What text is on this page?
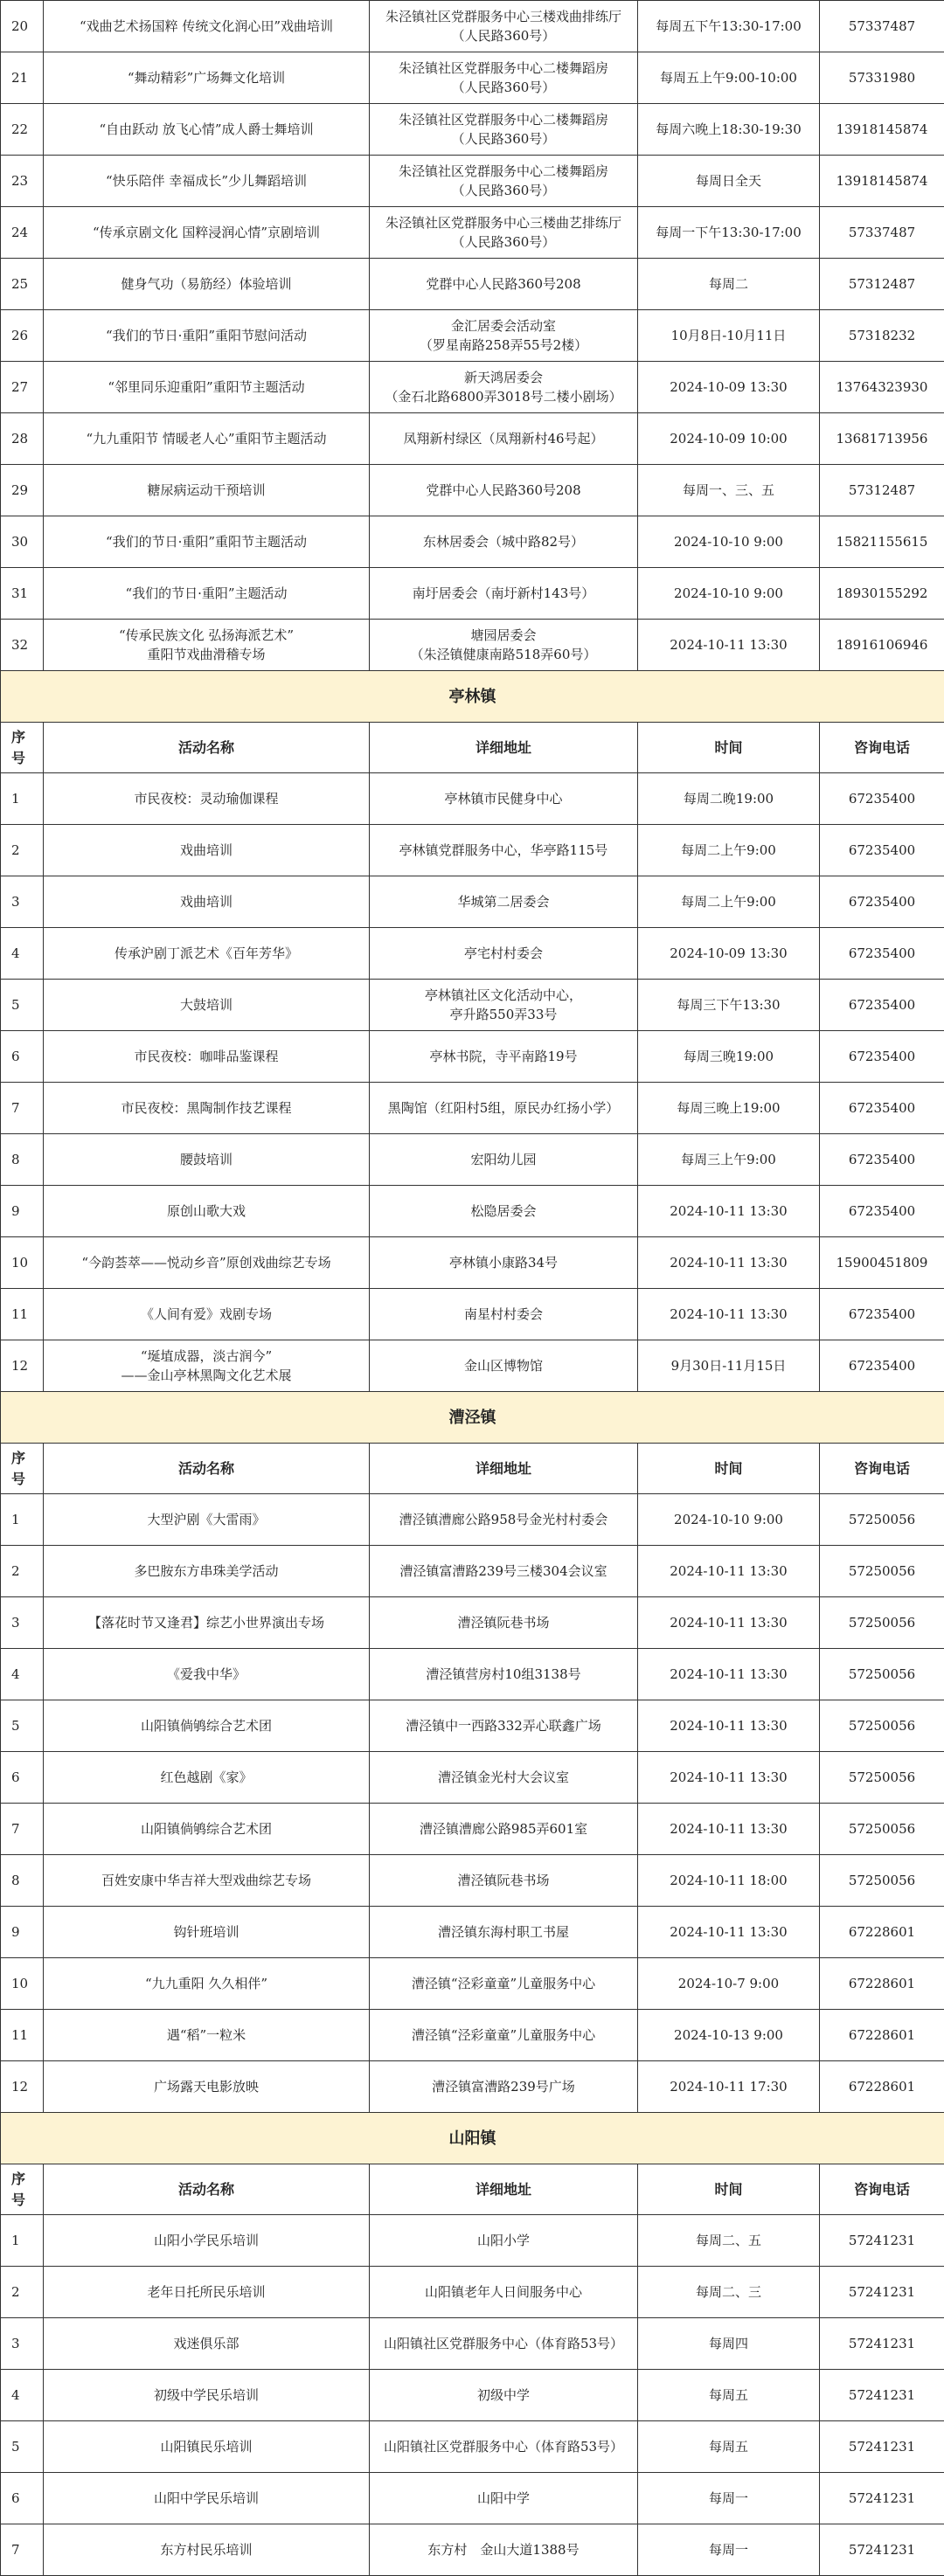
20	“戏曲艺术扬国粹 传统文化润心田”戏曲培训	朱泾镇社区党群服务中心三楼戏曲排练厅
（人民路360号）	每周五下午13:30-17:00	57337487
21	“舞动精彩”广场舞文化培训	朱泾镇社区党群服务中心二楼舞蹈房
（人民路360号）	每周五上午9:00-10:00	57331980
22	“自由跃动 放飞心情”成人爵士舞培训	朱泾镇社区党群服务中心二楼舞蹈房
（人民路360号）	每周六晚上18:30-19:30	13918145874
23	“快乐陪伴 幸福成长”少儿舞蹈培训	朱泾镇社区党群服务中心二楼舞蹈房
（人民路360号）	每周日全天	13918145874
24	“传承京剧文化 国粹浸润心情”京剧培训	朱泾镇社区党群服务中心三楼曲艺排练厅
（人民路360号）	每周一下午13:30-17:00	57337487
25	健身气功（易筋经）体验培训	党群中心人民路360号208	每周二	57312487
26	“我们的节日·重阳”重阳节慰问活动	金汇居委会活动室
（罗星南路258弄55号2楼）	10月8日-10月11日	57318232
27	“邻里同乐迎重阳”重阳节主题活动	新天鸿居委会
（金石北路6800弄3018号二楼小剧场）	2024-10-09 13:30	13764323930
28	“九九重阳节 情暖老人心”重阳节主题活动	凤翔新村绿区（凤翔新村46号起）	2024-10-09 10:00	13681713956
29	糖尿病运动干预培训	党群中心人民路360号208	每周一、三、五	57312487
30	“我们的节日·重阳”重阳节主题活动	东林居委会（城中路82号）	2024-10-10 9:00	15821155615
31	“我们的节日·重阳”主题活动	南圩居委会（南圩新村143号）	2024-10-10 9:00	18930155292
32	“传承民族文化 弘扬海派艺术”
重阳节戏曲滑稽专场	塘园居委会
（朱泾镇健康南路518弄60号）	2024-10-11 13:30	18916106946
亭林镇				
序号	活动名称	详细地址	时间	咨询电话
1	市民夜校：灵动瑜伽课程	亭林镇市民健身中心	每周二晚19:00	67235400
2	戏曲培训	亭林镇党群服务中心，华亭路115号	每周二上午9:00	67235400
3	戏曲培训	华城第二居委会	每周二上午9:00	67235400
4	传承沪剧丁派艺术《百年芳华》	亭宅村村委会	2024-10-09 13:30	67235400
5	大鼓培训	亭林镇社区文化活动中心，
亭升路550弄33号	每周三下午13:30	67235400
6	市民夜校：咖啡品鉴课程	亭林书院，寺平南路19号	每周三晚19:00	67235400
7	市民夜校：黑陶制作技艺课程	黑陶馆（红阳村5组，原民办红扬小学）	每周三晚上19:00	67235400
8	腰鼓培训	宏阳幼儿园	每周三上午9:00	67235400
9	原创山歌大戏	松隐居委会	2024-10-11 13:30	67235400
10	“今韵荟萃——悦动乡音”原创戏曲综艺专场	亭林镇小康路34号	2024-10-11 13:30	15900451809
11	《人间有爱》戏剧专场	南星村村委会	2024-10-11 13:30	67235400
12	“埏埴成器，淡古润今”
——金山亭林黑陶文化艺术展	金山区博物馆	9月30日-11月15日	67235400
漕泾镇				
序号	活动名称	详细地址	时间	咨询电话
1	大型沪剧《大雷雨》	漕泾镇漕廊公路958号金光村村委会	2024-10-10 9:00	57250056
2	多巴胺东方串珠美学活动	漕泾镇富漕路239号三楼304会议室	2024-10-11 13:30	57250056
3	【落花时节又逢君】综艺小世界演出专场	漕泾镇阮巷书场	2024-10-11 13:30	57250056
4	《爱我中华》	漕泾镇营房村10组3138号	2024-10-11 13:30	57250056
5	山阳镇倘鸲综合艺术团	漕泾镇中一西路332弄心联鑫广场	2024-10-11 13:30	57250056
6	红色越剧《家》	漕泾镇金光村大会议室	2024-10-11 13:30	57250056
7	山阳镇倘鸲综合艺术团	漕泾镇漕廊公路985弄601室	2024-10-11 13:30	57250056
8	百姓安康中华吉祥大型戏曲综艺专场	漕泾镇阮巷书场	2024-10-11 18:00	57250056
9	钩针班培训	漕泾镇东海村职工书屋	2024-10-11 13:30	67228601
10	“九九重阳 久久相伴”	漕泾镇“泾彩童童”儿童服务中心	2024-10-7 9:00	67228601
11	遇“稻”一粒米	漕泾镇“泾彩童童”儿童服务中心	2024-10-13 9:00	67228601
12	广场露天电影放映	漕泾镇富漕路239号广场	2024-10-11 17:30	67228601
山阳镇				
序号	活动名称	详细地址	时间	咨询电话
1	山阳小学民乐培训	山阳小学	每周二、五	57241231
2	老年日托所民乐培训	山阳镇老年人日间服务中心	每周二、三	57241231
3	戏迷俱乐部	山阳镇社区党群服务中心（体育路53号）	每周四	57241231
4	初级中学民乐培训	初级中学	每周五	57241231
5	山阳镇民乐培训	山阳镇社区党群服务中心（体育路53号）	每周五	57241231
6	山阳中学民乐培训	山阳中学	每周一	57241231
7	东方村民乐培训	东方村　金山大道1388号	每周一	57241231
